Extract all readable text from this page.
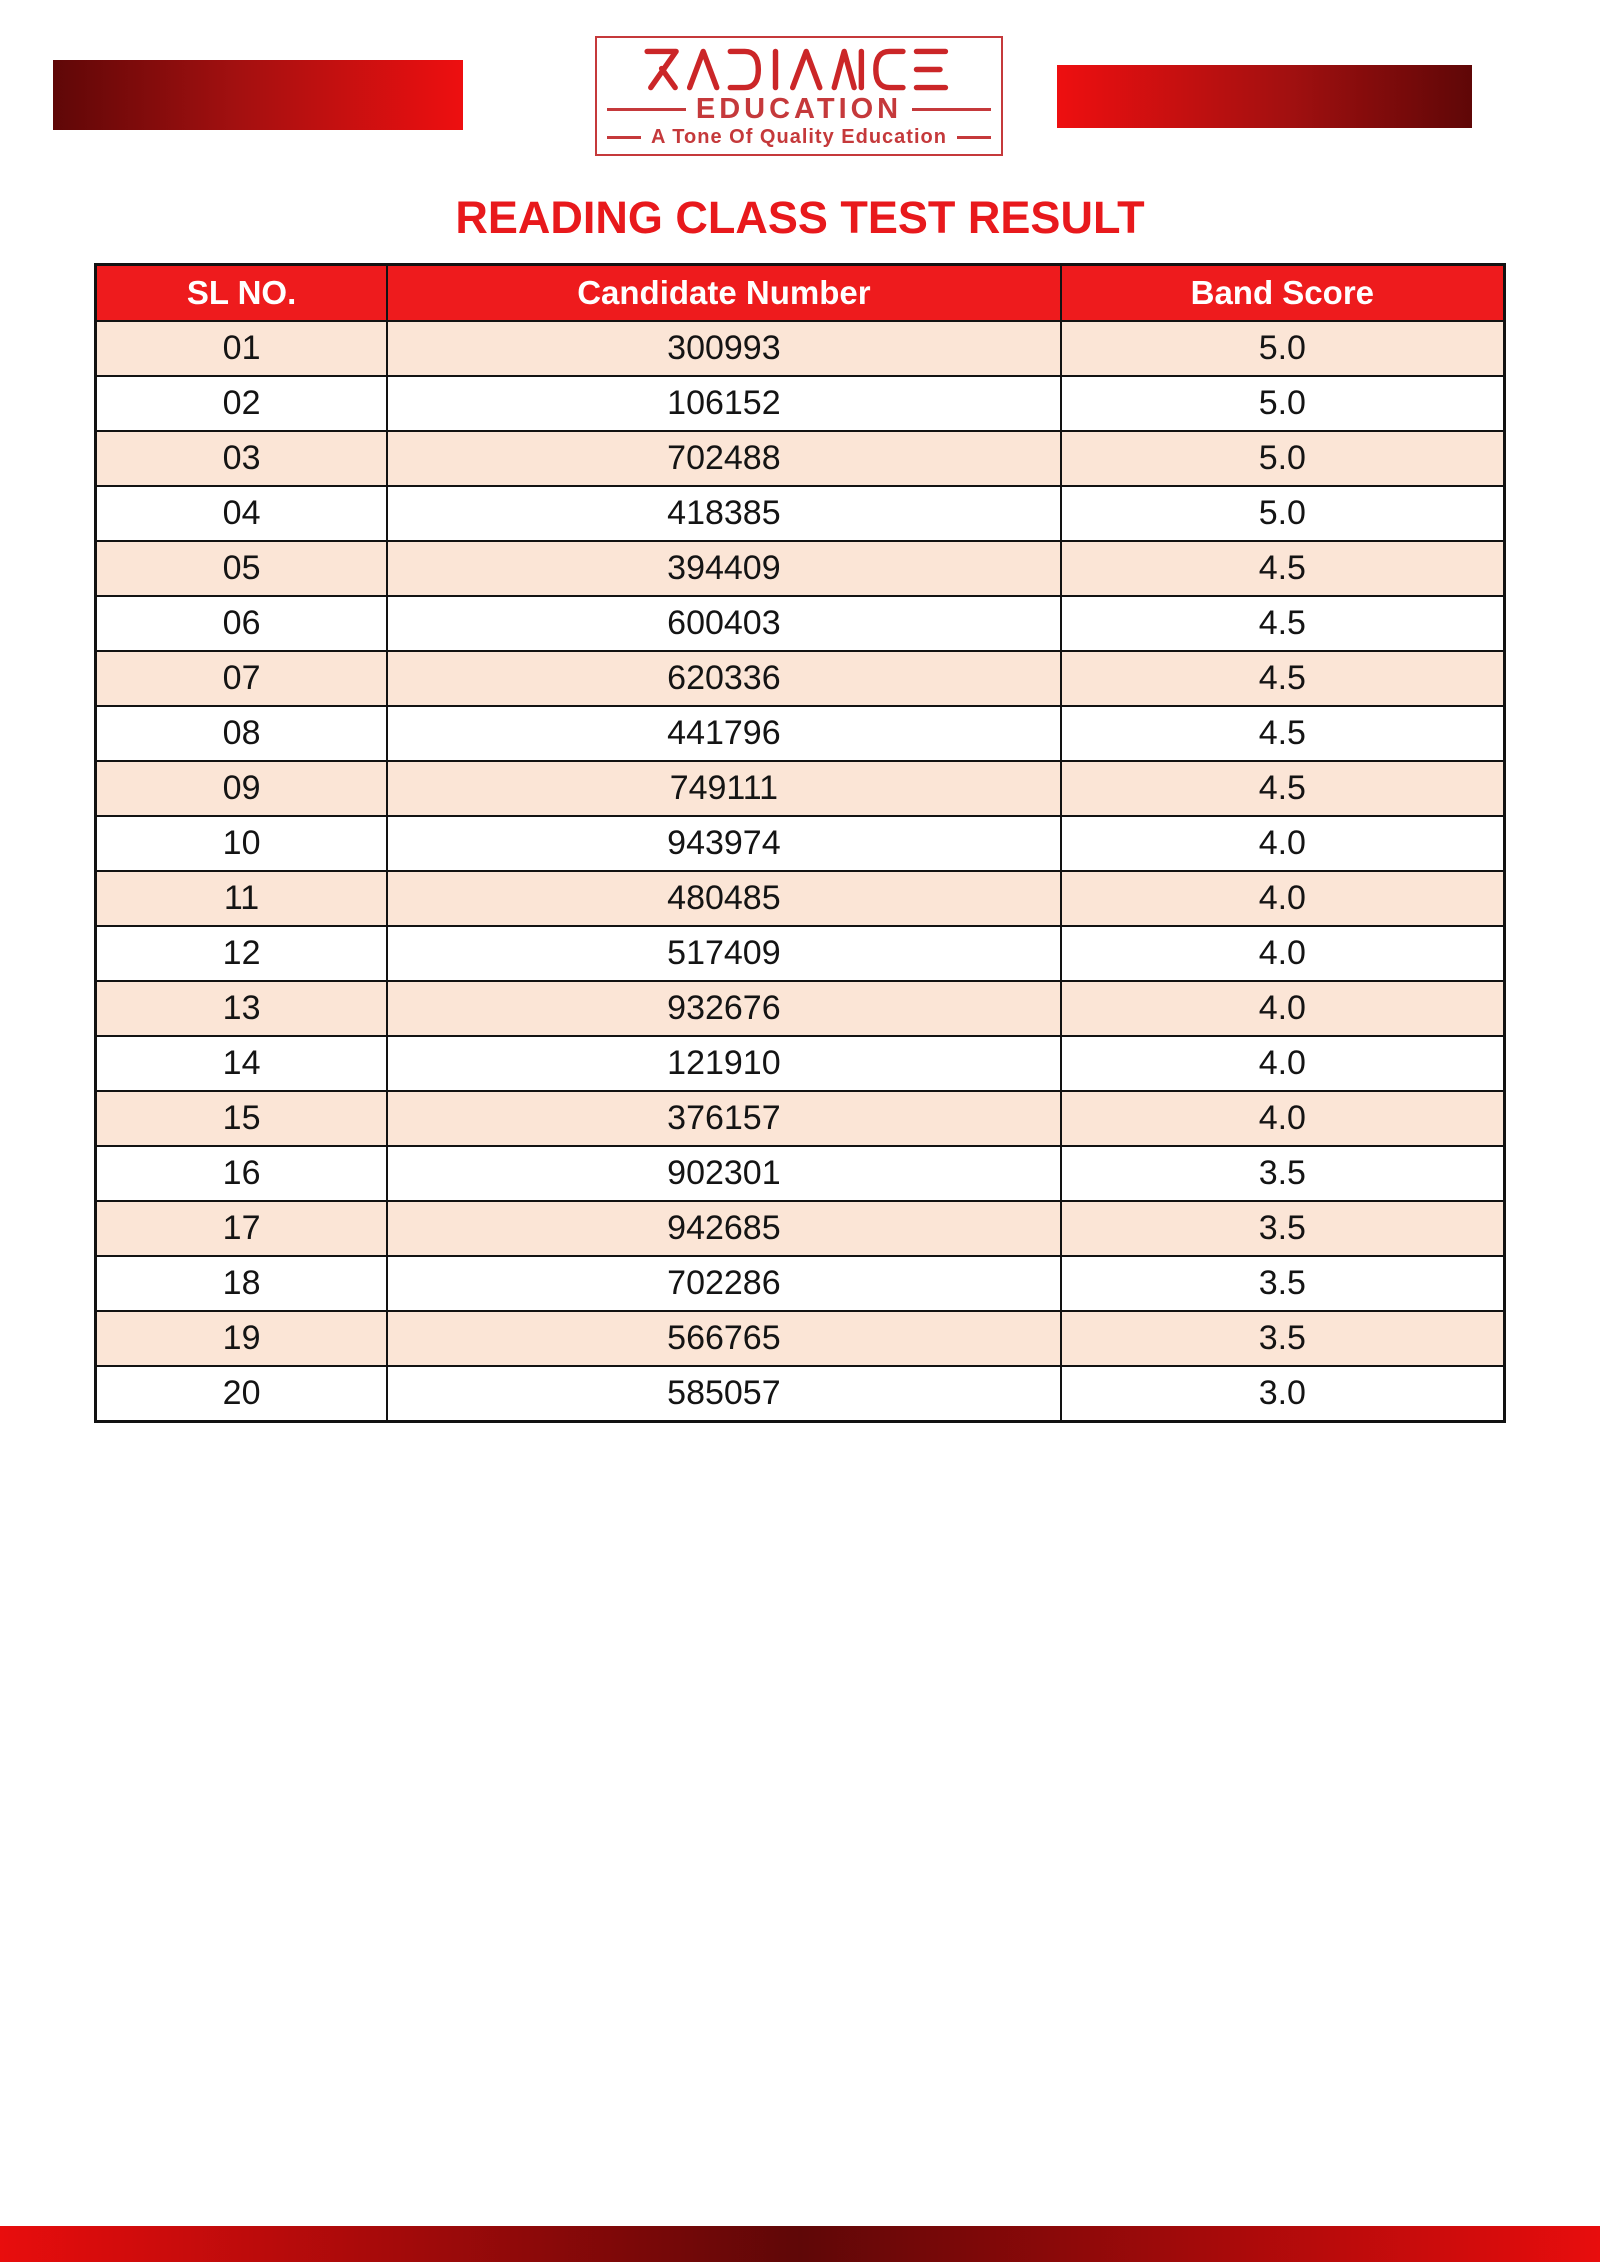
EDUCATION
A Tone Of Quality Education
READING CLASS TEST RESULT
SL NO.	Candidate Number	Band Score
01	300993	5.0
02	106152	5.0
03	702488	5.0
04	418385	5.0
05	394409	4.5
06	600403	4.5
07	620336	4.5
08	441796	4.5
09	749111	4.5
10	943974	4.0
11	480485	4.0
12	517409	4.0
13	932676	4.0
14	121910	4.0
15	376157	4.0
16	902301	3.5
17	942685	3.5
18	702286	3.5
19	566765	3.5
20	585057	3.0
